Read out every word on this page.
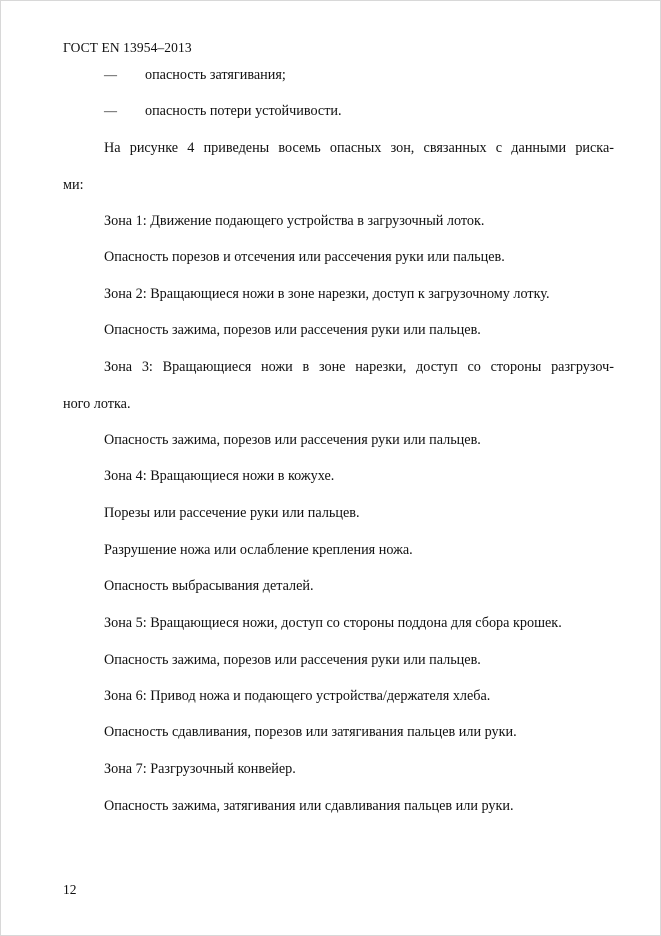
ГОСТ EN 13954–2013
— опасность затягивания;
— опасность потери устойчивости.
На рисунке 4 приведены восемь опасных зон, связанных с данными риска-
ми:
Зона 1: Движение подающего устройства в загрузочный лоток.
Опасность порезов и отсечения или рассечения руки или пальцев.
Зона 2: Вращающиеся ножи в зоне нарезки, доступ к загрузочному лотку.
Опасность зажима, порезов или рассечения руки или пальцев.
Зона 3: Вращающиеся ножи в зоне нарезки, доступ со стороны разгрузоч-
ного лотка.
Опасность зажима, порезов или рассечения руки или пальцев.
Зона 4: Вращающиеся ножи в кожухе.
Порезы или рассечение руки или пальцев.
Разрушение ножа или ослабление крепления ножа.
Опасность выбрасывания деталей.
Зона 5: Вращающиеся ножи, доступ со стороны поддона для сбора крошек.
Опасность зажима, порезов или рассечения руки или пальцев.
Зона 6: Привод ножа и подающего устройства/держателя хлеба.
Опасность сдавливания, порезов или затягивания пальцев или руки.
Зона 7: Разгрузочный конвейер.
Опасность зажима, затягивания или сдавливания пальцев или руки.
12
